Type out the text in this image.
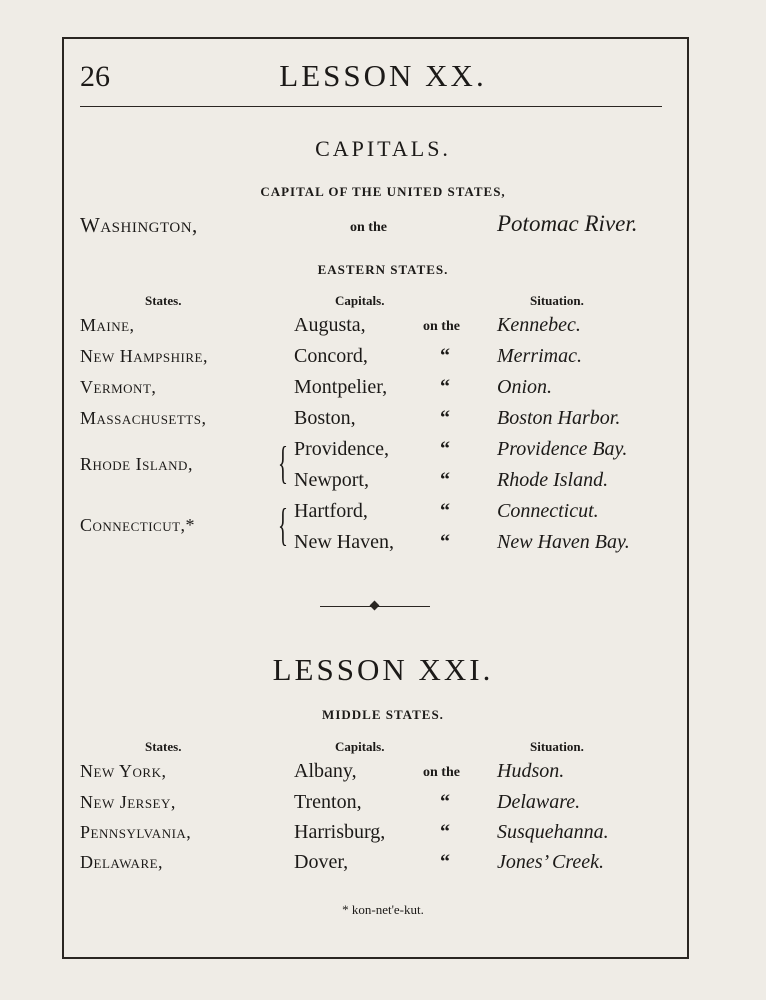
26	LESSON XX.
CAPITALS.
CAPITAL OF THE UNITED STATES,
Washington,	on the	Potomac River.
EASTERN STATES.
States.	Capitals.	Situation.
Maine,	Augusta,	on the Kennebec.
New Hampshire,	Concord,	“ Merrimac.
Vermont,	Montpelier,	“ Onion.
Massachusetts,	Boston,	“ Boston Harbor.
Rhode Island, { Providence,	“ Providence Bay.
Newport,	“ Rhode Island.
Connecticut,* { Hartford,	“ Connecticut.
New Haven, “ New Haven Bay.
LESSON XXI.
MIDDLE STATES.
States.	Capitals.	Situation.
New York,	Albany,	on the Hudson.
New Jersey,	Trenton,	“ Delaware.
Pennsylvania,	Harrisburg,	“ Susquehanna.
Delaware,	Dover,	“ Jones’ Creek.
* kon-net'e-kut.
